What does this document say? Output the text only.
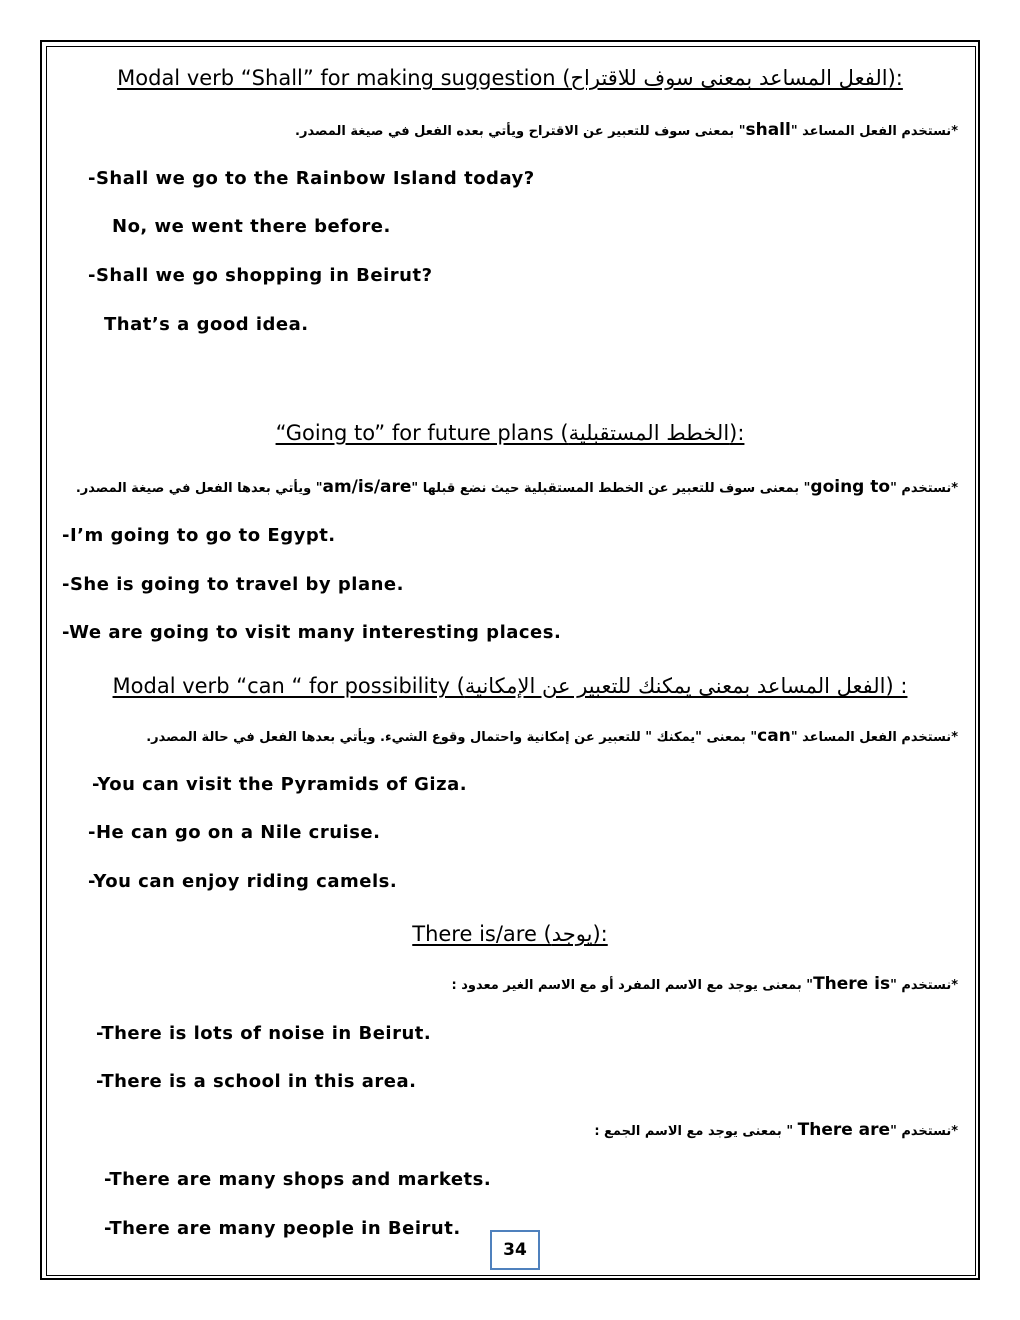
Modal verb “Shall” for making suggestion (الفعل المساعد بمعنى سوف للاقتراح):
*نستخدم الفعل المساعد "shall" بمعنى سوف للتعبير عن الاقتراح ويأتي بعده الفعل في صيغة المصدر.
-Shall we go to the Rainbow Island today?
No, we went there before.
-Shall we go shopping in Beirut?
That’s a good idea.
“Going to” for future plans (الخطط المستقبلية):
*نستخدم "going to" بمعنى سوف للتعبير عن الخطط المستقبلية حيث نضع قبلها "am/is/are" ويأتي بعدها الفعل في صيغة المصدر.
-I’m going to go to Egypt.
-She is going to travel by plane.
-We are going to visit many interesting places.
Modal verb “can “ for possibility (الفعل المساعد بمعنى يمكنك للتعبير عن الإمكانية) :
*نستخدم الفعل المساعد "can" بمعنى "يمكنك " للتعبير عن إمكانية واحتمال وقوع الشيء. ويأتي بعدها الفعل في حالة المصدر.
-You can visit the Pyramids of Giza.
-He can go on a Nile cruise.
-You can enjoy riding camels.
There is/are (يوجد):
*نستخدم "There is" بمعنى يوجد مع الاسم المفرد أو مع الاسم الغير معدود :
-There is lots of noise in Beirut.
-There is a school in this area.
*نستخدم "There are " بمعنى يوجد مع الاسم الجمع :
-There are many shops and markets.
-There are many people in Beirut.
34
